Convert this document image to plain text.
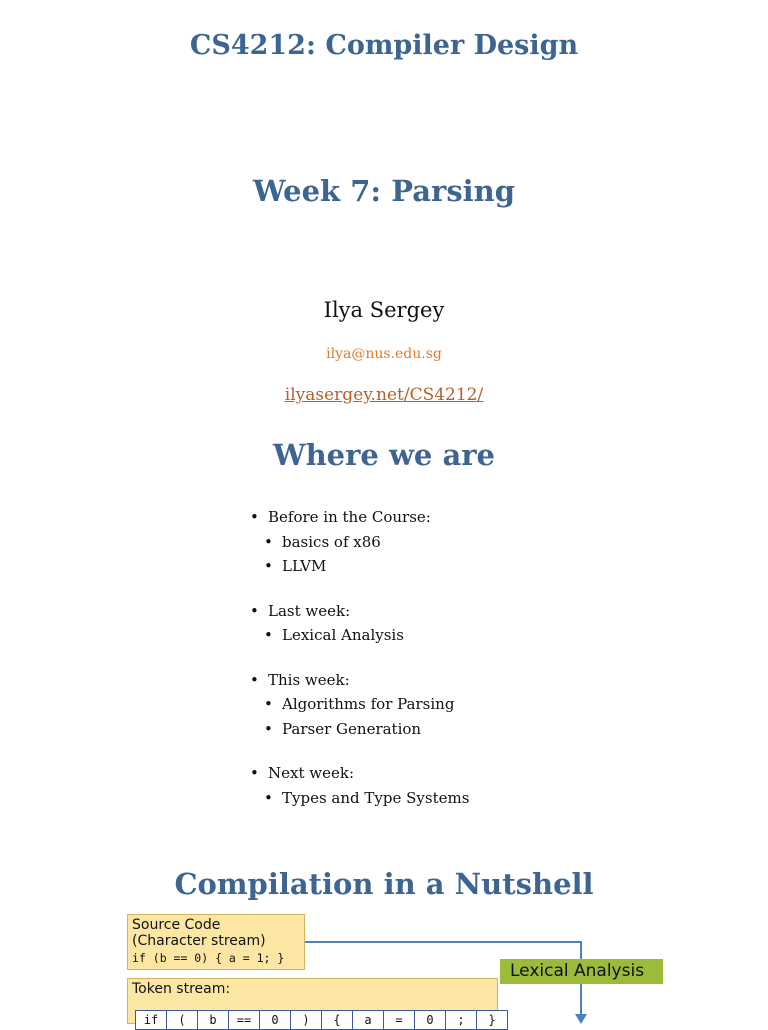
CS4212: Compiler Design
Week 7: Parsing
Ilya Sergey
ilya@nus.edu.sg
ilyasergey.net/CS4212/
Where we are
• Before in the Course:
• basics of x86
• LLVM
• Last week:
• Lexical Analysis
• This week:
• Algorithms for Parsing
• Parser Generation
• Next week:
• Types and Type Systems
Compilation in a Nutshell
Source Code
(Character stream)
if (b == 0) { a = 1; }
Lexical Analysis
Token stream:
if	(	b	==	0	)	{	a	=	0	;	}
